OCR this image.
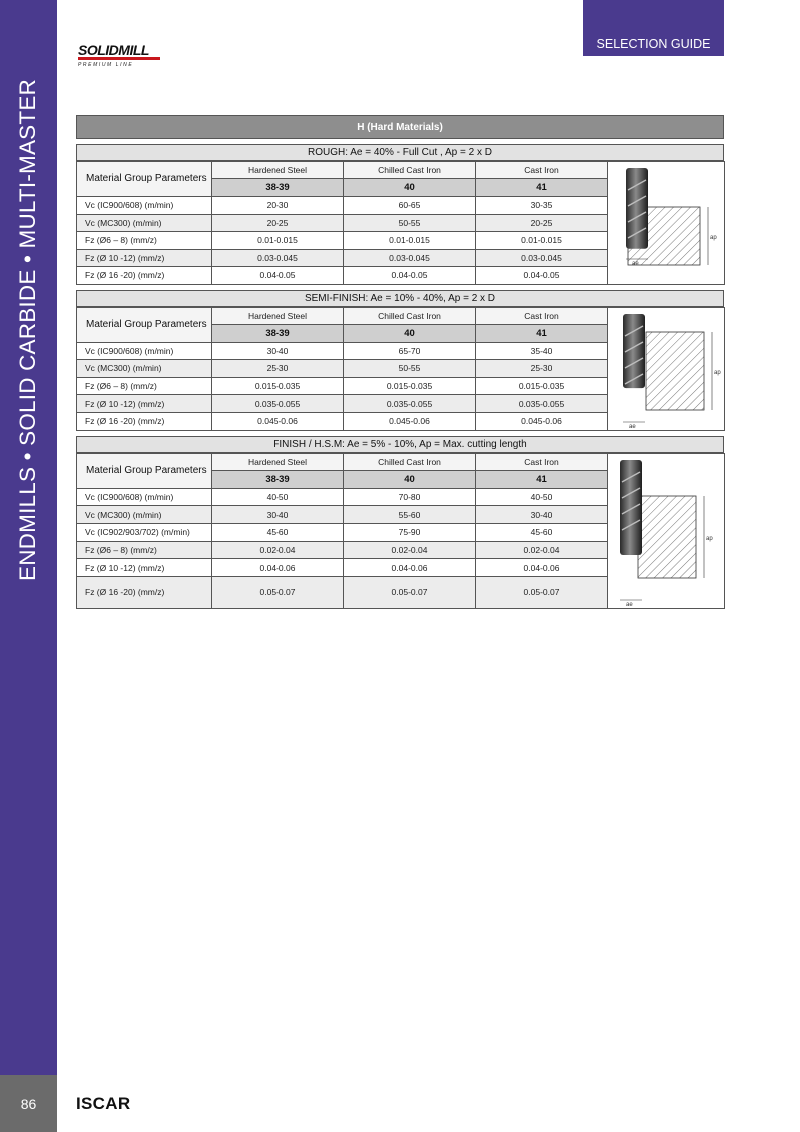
ENDMILLS • SOLID CARBIDE • MULTI-MASTER
86	ISCAR
SELECTION GUIDE
SOLIDMILL
PREMIUM LINE
H (Hard Materials)
ROUGH: Ae = 40% - Full Cut , Ap = 2 x D
Material Group Parameters	Hardened Steel	Chilled Cast Iron	Cast Iron
	38-39	40	41
Vc (IC900/608) (m/min)	20-30	60-65	30-35
Vc (MC300) (m/min)	20-25	50-55	20-25
Fz (Ø6 – 8) (mm/z)	0.01-0.015	0.01-0.015	0.01-0.015
Fz (Ø 10 -12) (mm/z)	0.03-0.045	0.03-0.045	0.03-0.045
Fz (Ø 16 -20) (mm/z)	0.04-0.05	0.04-0.05	0.04-0.05
ap
ae
SEMI-FINISH: Ae = 10% - 40%, Ap = 2 x D
Material Group Parameters	Hardened Steel	Chilled Cast Iron	Cast Iron
	38-39	40	41
Vc (IC900/608) (m/min)	30-40	65-70	35-40
Vc (MC300) (m/min)	25-30	50-55	25-30
Fz (Ø6 – 8) (mm/z)	0.015-0.035	0.015-0.035	0.015-0.035
Fz (Ø 10 -12) (mm/z)	0.035-0.055	0.035-0.055	0.035-0.055
Fz (Ø 16 -20) (mm/z)	0.045-0.06	0.045-0.06	0.045-0.06
ap
ae
FINISH / H.S.M: Ae = 5% - 10%, Ap = Max. cutting length
Material Group Parameters	Hardened Steel	Chilled Cast Iron	Cast Iron
	38-39	40	41
Vc (IC900/608) (m/min)	40-50	70-80	40-50
Vc (MC300) (m/min)	30-40	55-60	30-40
Vc (IC902/903/702) (m/min)	45-60	75-90	45-60
Fz (Ø6 – 8) (mm/z)	0.02-0.04	0.02-0.04	0.02-0.04
Fz (Ø 10 -12) (mm/z)	0.04-0.06	0.04-0.06	0.04-0.06
Fz (Ø 16 -20) (mm/z)	0.05-0.07	0.05-0.07	0.05-0.07
ap
ae
